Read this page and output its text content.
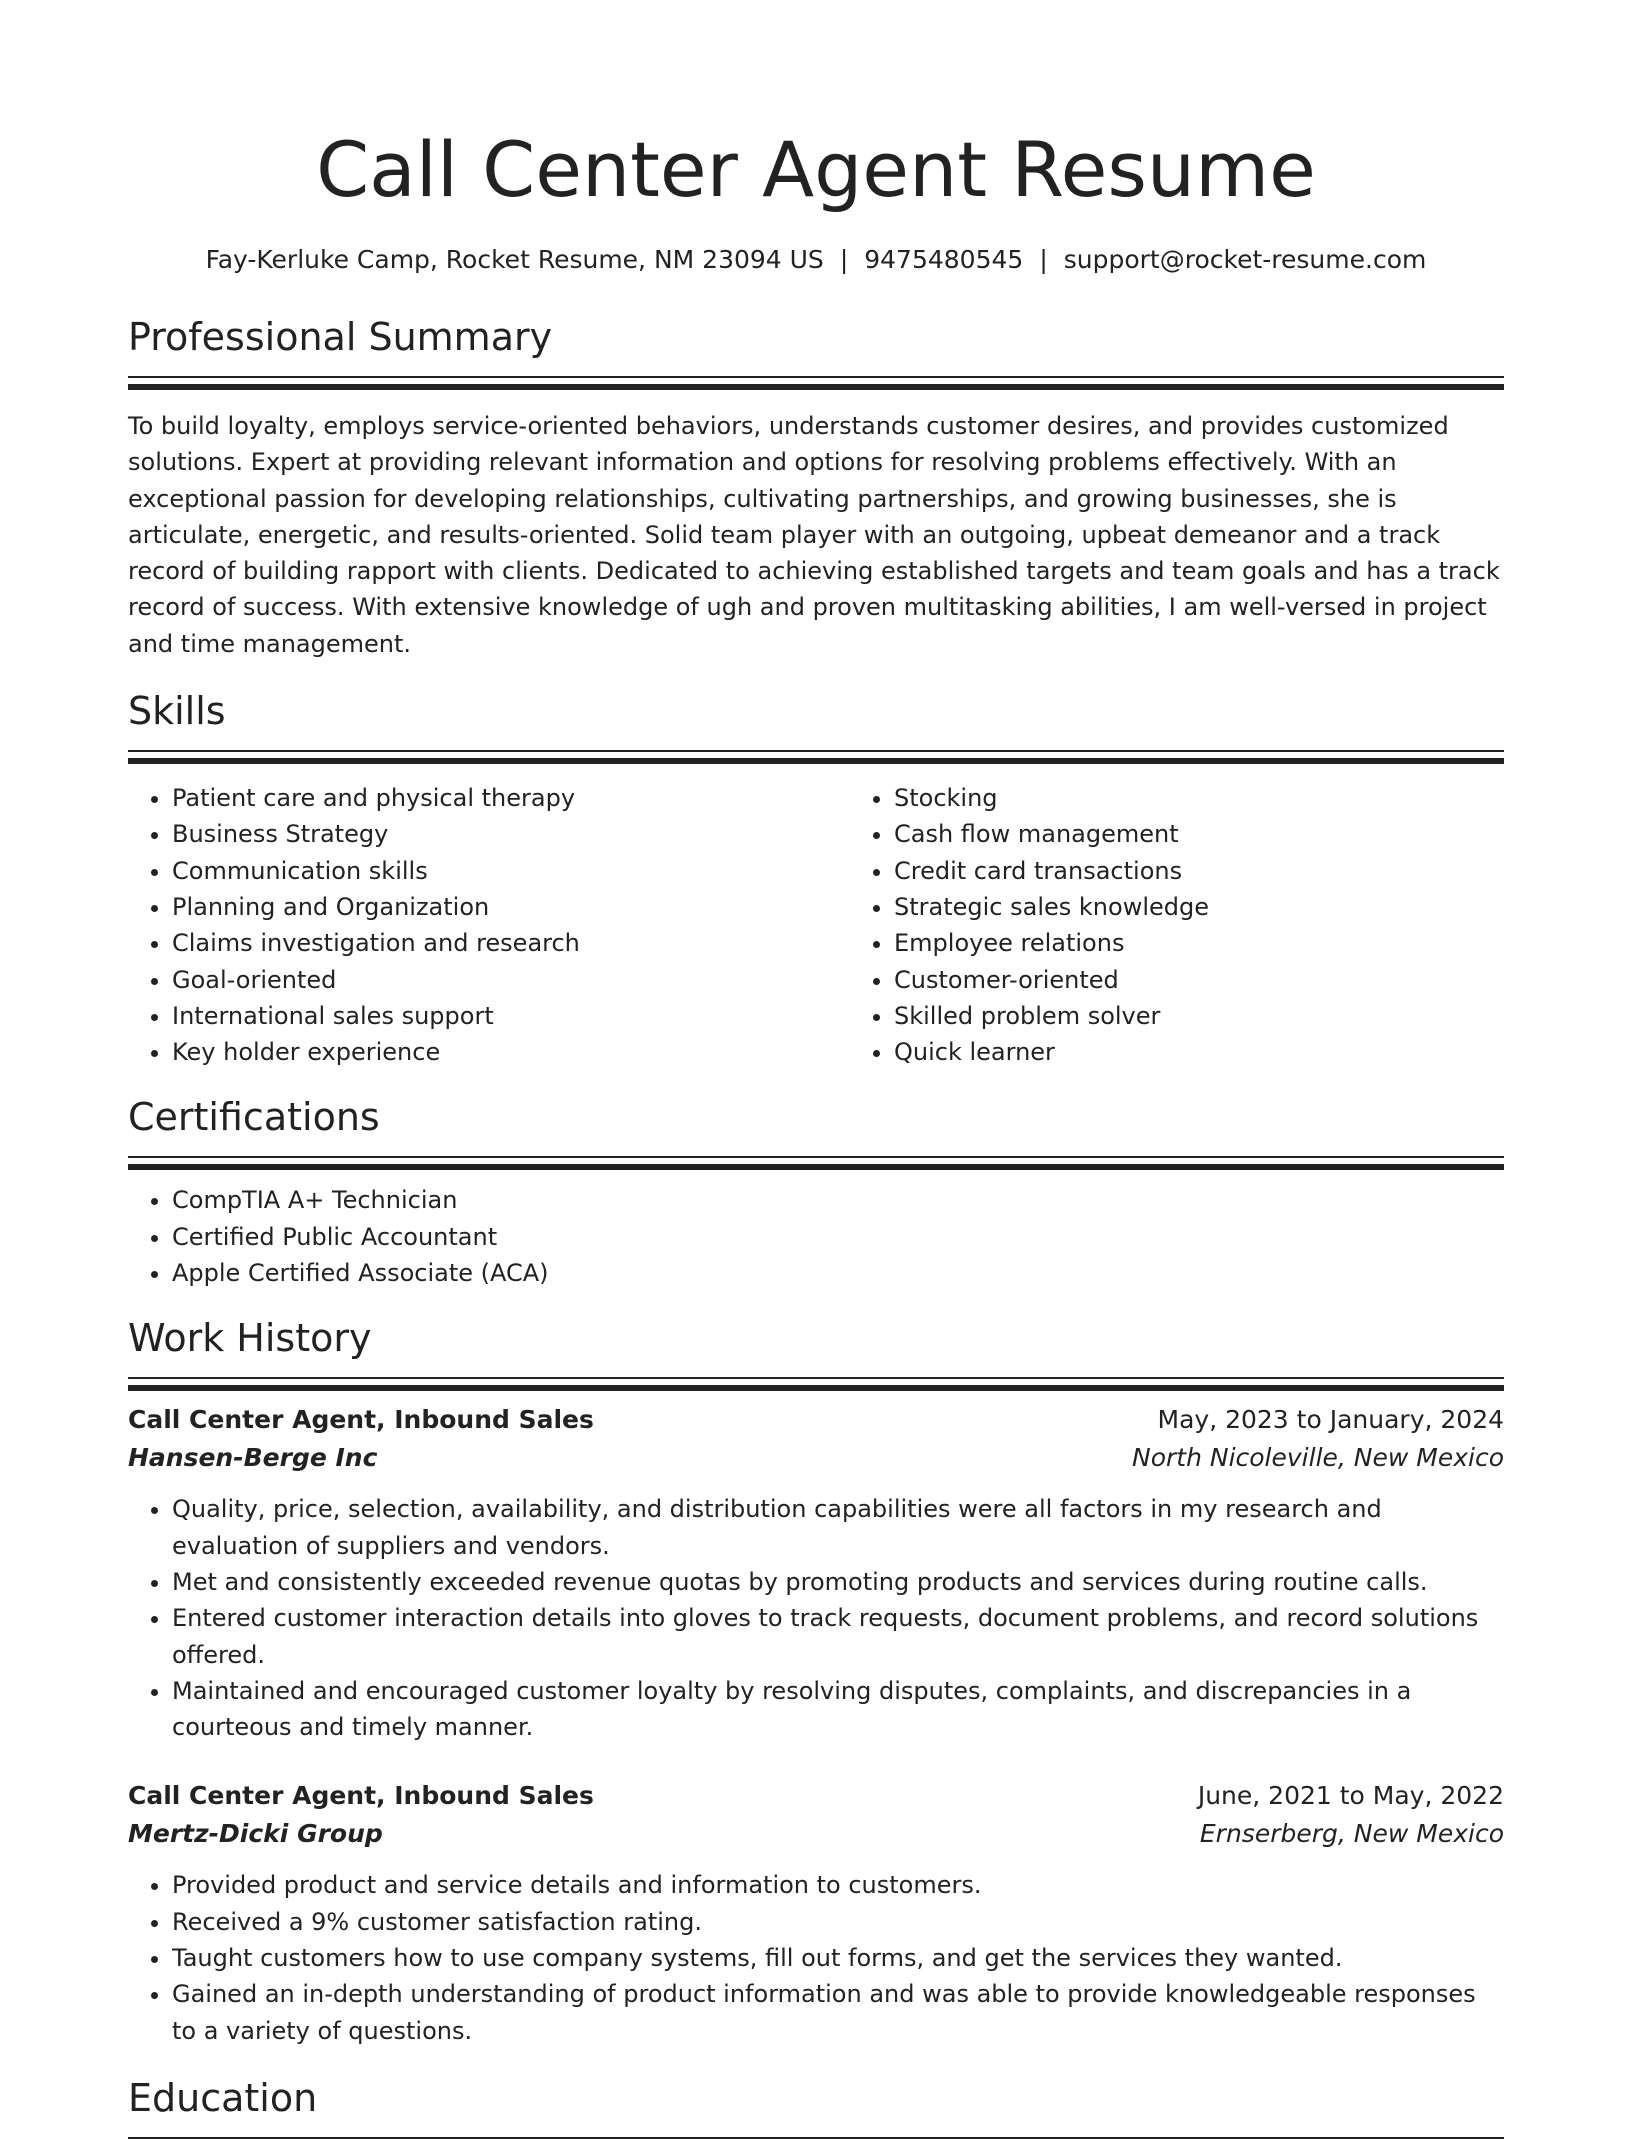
Call Center Agent Resume
Fay-Kerluke Camp, Rocket Resume, NM 23094 US | 9475480545 | support@rocket-resume.com
Professional Summary

To build loyalty, employs service-oriented behaviors, understands customer desires, and provides customized solutions. Expert at providing relevant information and options for resolving problems effectively. With an exceptional passion for developing relationships, cultivating partnerships, and growing businesses, she is articulate, energetic, and results-oriented. Solid team player with an outgoing, upbeat demeanor and a track record of building rapport with clients. Dedicated to achieving established targets and team goals and has a track record of success. With extensive knowledge of ugh and proven multitasking abilities, I am well-versed in project and time management.

Skills
• Patient care and physical therapy
• Business Strategy
• Communication skills
• Planning and Organization
• Claims investigation and research
• Goal-oriented
• International sales support
• Key holder experience
• Stocking
• Cash flow management
• Credit card transactions
• Strategic sales knowledge
• Employee relations
• Customer-oriented
• Skilled problem solver
• Quick learner
Certifications
• CompTIA A+ Technician
• Certified Public Accountant
• Apple Certified Associate (ACA)
Work History
Call Center Agent, Inbound Sales	May, 2023 to January, 2024
Hansen-Berge Inc	North Nicoleville, New Mexico
• Quality, price, selection, availability, and distribution capabilities were all factors in my research and evaluation of suppliers and vendors.
• Met and consistently exceeded revenue quotas by promoting products and services during routine calls.
• Entered customer interaction details into gloves to track requests, document problems, and record solutions offered.
• Maintained and encouraged customer loyalty by resolving disputes, complaints, and discrepancies in a courteous and timely manner.
Call Center Agent, Inbound Sales	June, 2021 to May, 2022
Mertz-Dicki Group	Ernserberg, New Mexico
• Provided product and service details and information to customers.
• Received a 9% customer satisfaction rating.
• Taught customers how to use company systems, fill out forms, and get the services they wanted.
• Gained an in-depth understanding of product information and was able to provide knowledgeable responses to a variety of questions.
Education
